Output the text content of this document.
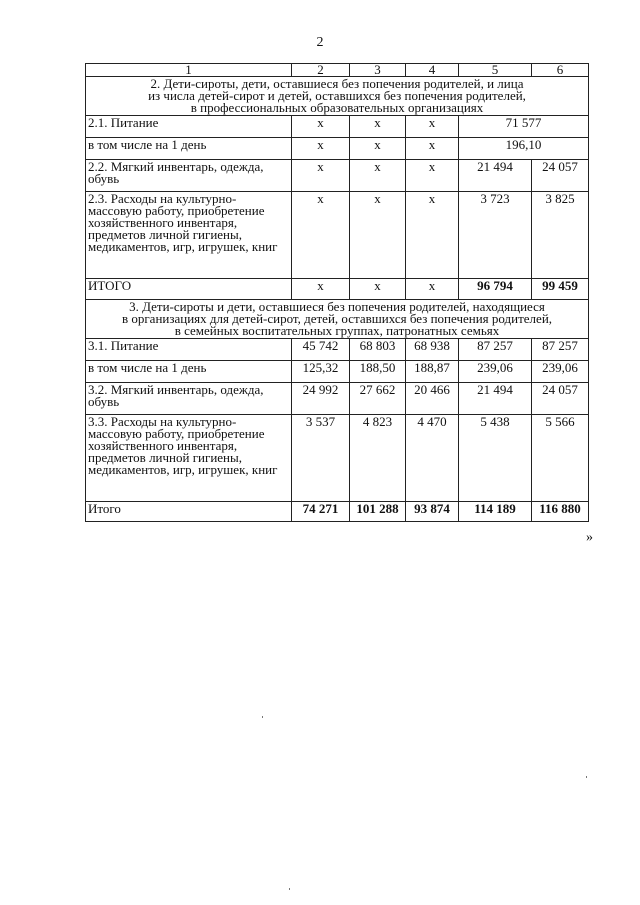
2
1	2	3	4	5	6
2. Дети-сироты, дети, оставшиеся без попечения родителей, и лица
из числа детей-сирот и детей, оставшихся без попечения родителей,
в профессиональных образовательных организациях					
2.1. Питание	x	x	x	71 577	
в том числе на 1 день	x	x	x	196,10	
2.2. Мягкий инвентарь, одежда, обувь	x	x	x	21 494	24 057
2.3. Расходы на культурно-массовую работу, приобретение хозяйственного инвентаря, предметов личной гигиены, медикаментов, игр, игрушек, книг	x	x	x	3 723	3 825
ИТОГО	x	x	x	96 794	99 459
3. Дети-сироты и дети, оставшиеся без попечения родителей, находящиеся
в организациях для детей-сирот, детей, оставшихся без попечения родителей,
в семейных воспитательных группах, патронатных семьях					
3.1. Питание	45 742	68 803	68 938	87 257	87 257
в том числе на 1 день	125,32	188,50	188,87	239,06	239,06
3.2. Мягкий инвентарь, одежда, обувь	24 992	27 662	20 466	21 494	24 057
3.3. Расходы на культурно-массовую работу, приобретение хозяйственного инвентаря, предметов личной гигиены, медикаментов, игр, игрушек, книг	3 537	4 823	4 470	5 438	5 566
Итого	74 271	101 288	93 874	114 189	116 880
»
